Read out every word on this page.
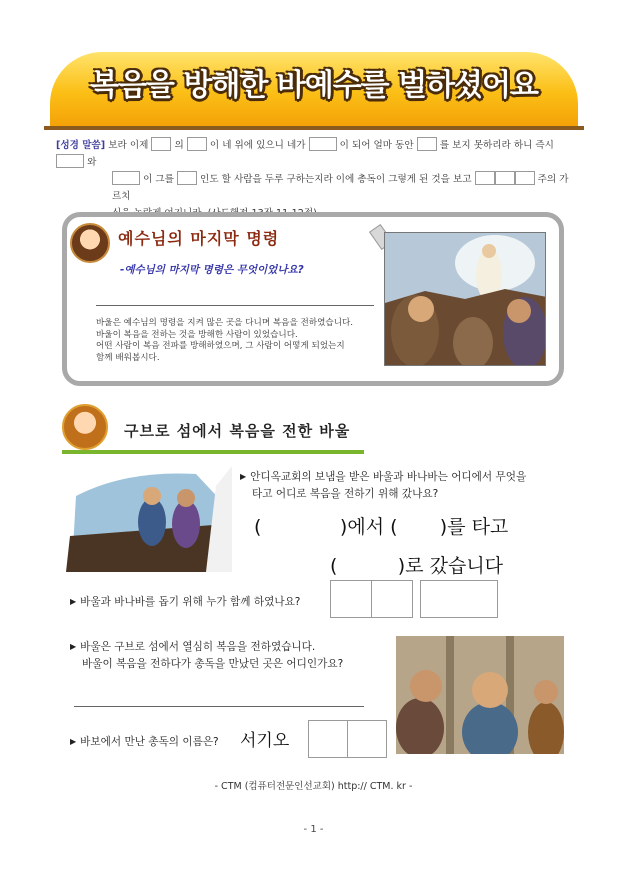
복음을 방해한 바예수를 벌하셨어요
[성경 말씀] 보라 이제	의	이 네 위에 있으니 네가	이 되어 얼마 동안	를 보지 못하리라 하니 즉시  와
이 그를	인도 할 사람을 두루 구하는지라 이에 총독이 그렇게 된 것을 보고	주의 가르치

예수님의 마지막 명령
-예수님의 마지막 명령은 무엇이었나요?
바울은 예수님의 명령을 지켜 많은 곳을 다니며 복음을 전하였습니다.
바울이 복음을 전하는 것을 방해한 사람이 있었습니다.
어떤 사람이 복음 전파를 방해하였으며, 그 사람이 어떻게 되었는지
함께 배워봅시다.
구브로 섬에서 복음을 전한 바울
▶ 안디옥교회의 보냄을 받은 바울과 바나바는 어디에서 무엇을
타고 어디로 복음을 전하기 위해 갔나요?
(             )에서 (       )를 타고
(          )로 갔습니다
▶ 바울과 바나바를 돕기 위해 누가 함께 하였나요?
▶ 바울은 구브로 섬에서 열심히 복음을 전하였습니다.
바울이 복음을 전하다가 총독을 만났던 곳은 어디인가요?
▶ 바보에서 만난 총독의 이름은? 서기오
- CTM (컴퓨터전문인선교회) http:// CTM. kr -
- 1 -
